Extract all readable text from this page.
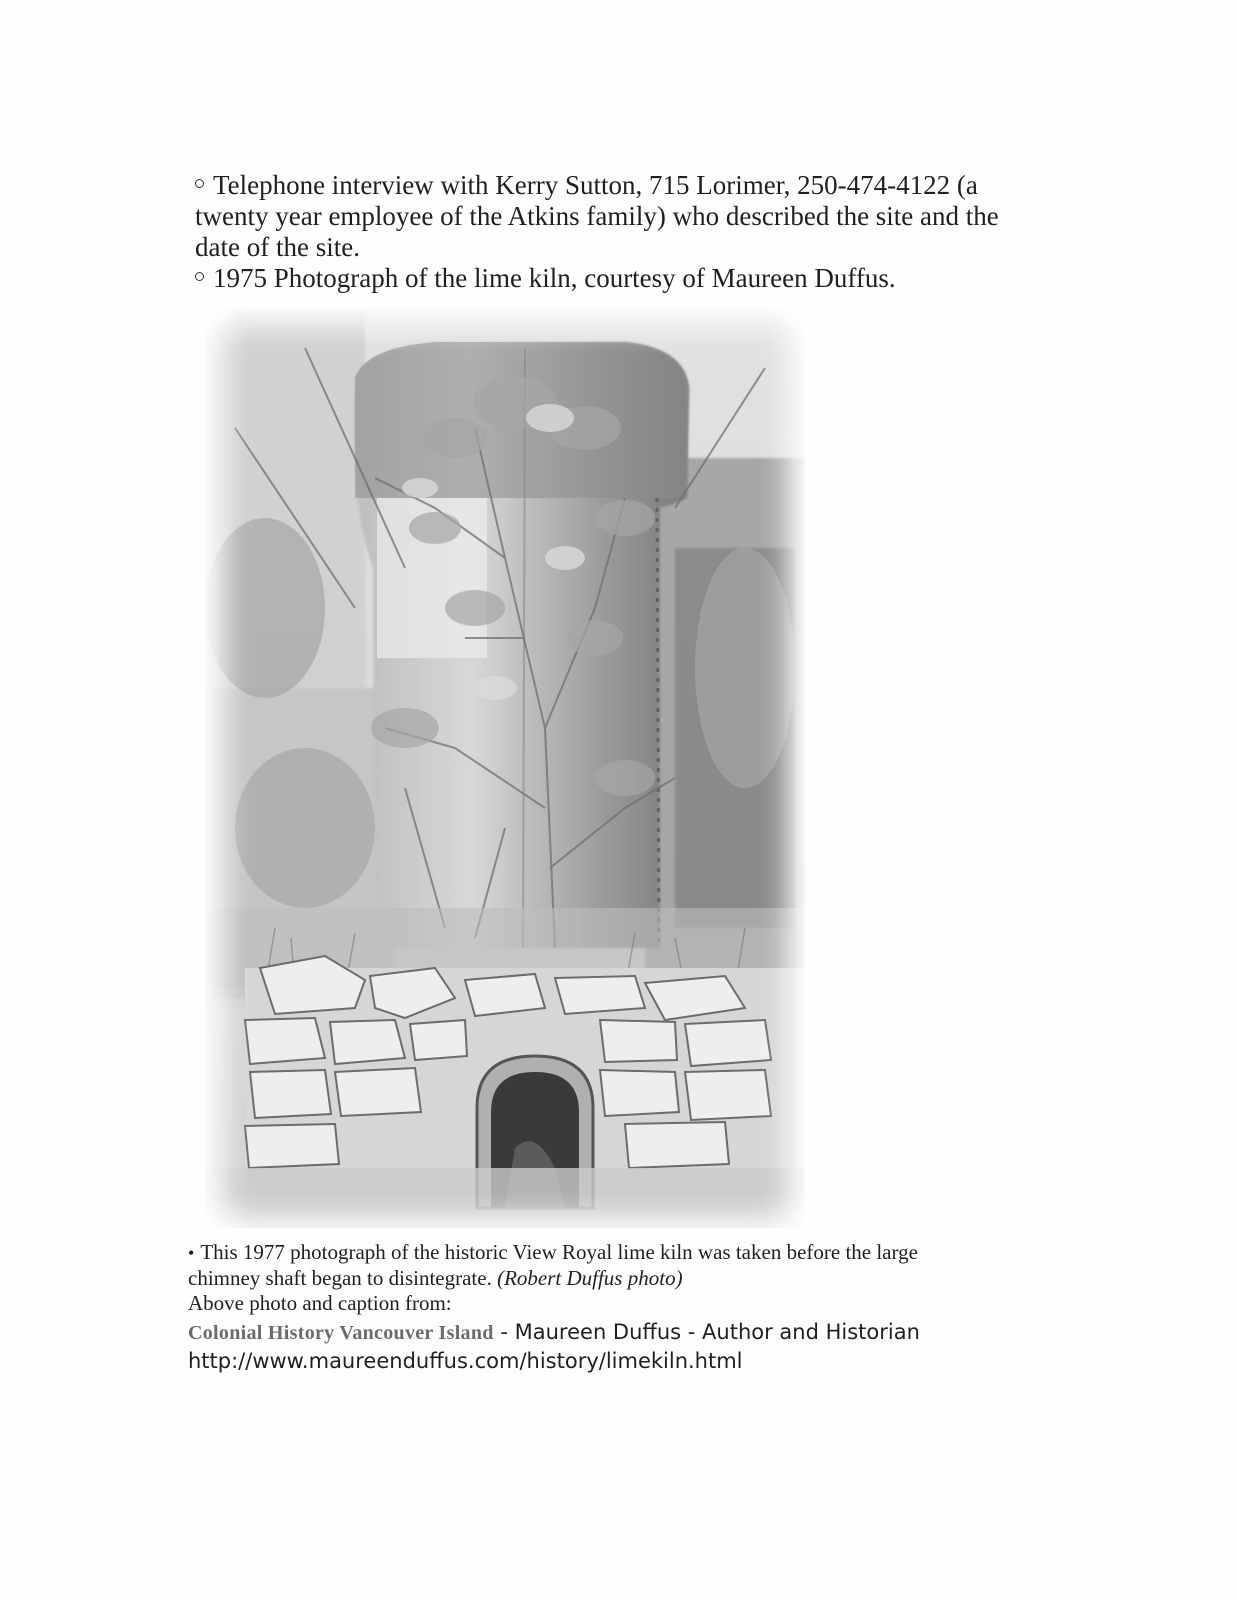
Telephone interview with Kerry Sutton, 715 Lorimer, 250-474-4122 (a
twenty year employee of the Atkins family) who described the site and the
date of the site.

1975 Photograph of the lime kiln, courtesy of Maureen Duffus.

• This 1977 photograph of the historic View Royal lime kiln was taken before the large
chimney shaft began to disintegrate. (Robert Duffus photo)

Above photo and caption from:

Colonial History Vancouver Island - Maureen Duffus - Author and Historian

http://www.maureenduffus.com/history/limekiln.html
